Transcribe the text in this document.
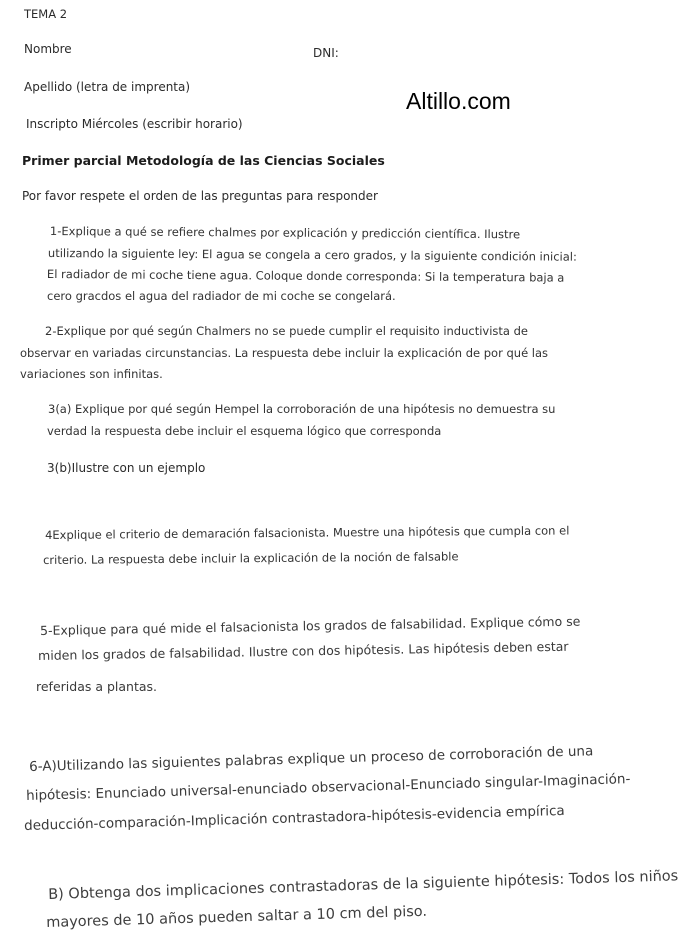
TEMA 2
Nombre	DNI:
Apellido (letra de imprenta)
Inscripto Miércoles (escribir horario)
Altillo.com
Primer parcial Metodología de las Ciencias Sociales
Por favor respete el orden de las preguntas para responder
1-Explique a qué se refiere chalmes por explicación y predicción científica. Ilustre
utilizando la siguiente ley: El agua se congela a cero grados, y la siguiente condición inicial:
El radiador de mi coche tiene agua. Coloque donde corresponda: Si la temperatura baja a
cero gracdos el agua del radiador de mi coche se congelará.
2-Explique por qué según Chalmers no se puede cumplir el requisito inductivista de
observar en variadas circunstancias. La respuesta debe incluir la explicación de por qué las
variaciones son infinitas.
3(a) Explique por qué según Hempel la corroboración de una hipótesis no demuestra su
verdad la respuesta debe incluir el esquema lógico que corresponda
3(b)Ilustre con un ejemplo
4Explique el criterio de demaración falsacionista. Muestre una hipótesis que cumpla con el
criterio. La respuesta debe incluir la explicación de la noción de falsable
5-Explique para qué mide el falsacionista los grados de falsabilidad. Explique cómo se
miden los grados de falsabilidad. Ilustre con dos hipótesis. Las hipótesis deben estar
referidas a plantas.
6-A)Utilizando las siguientes palabras explique un proceso de corroboración de una
hipótesis: Enunciado universal-enunciado observacional-Enunciado singular-Imaginación-
deducción-comparación-Implicación contrastadora-hipótesis-evidencia empírica
B) Obtenga dos implicaciones contrastadoras de la siguiente hipótesis: Todos los niños
mayores de 10 años pueden saltar a 10 cm del piso.
